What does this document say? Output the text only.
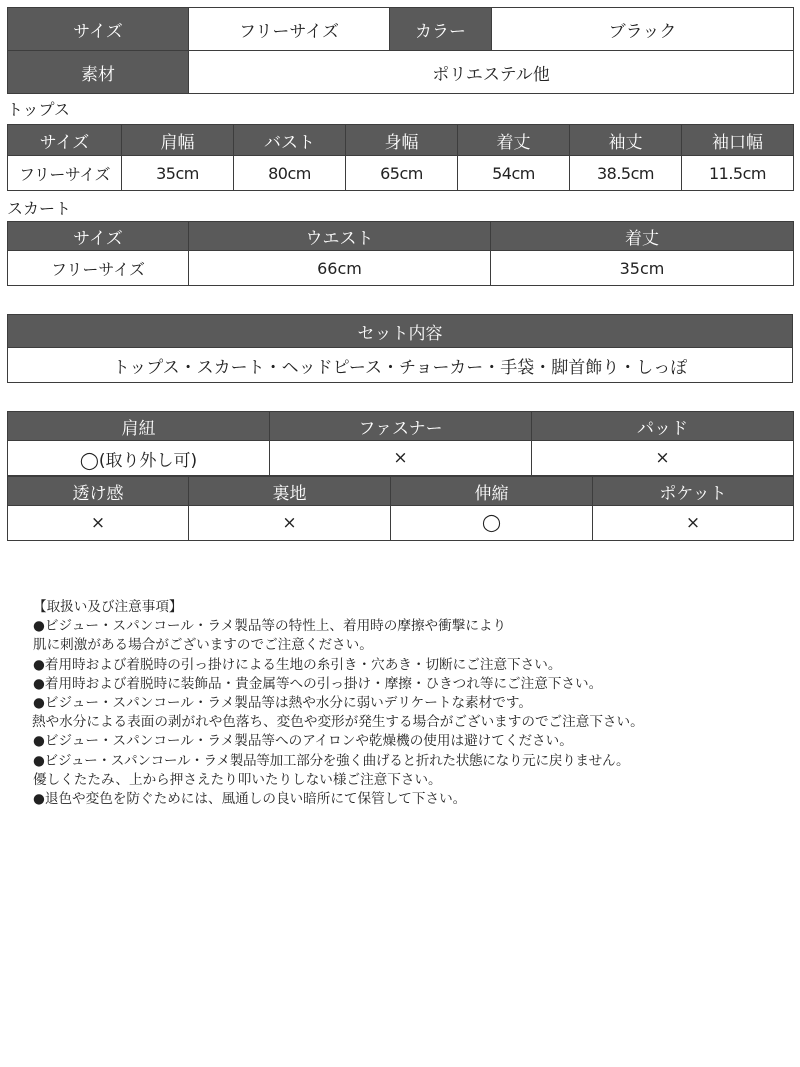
サイズ	フリーサイズ	カラー	ブラック
素材	ポリエステル他		
トップス
サイズ	肩幅	バスト	身幅	着丈	袖丈	袖口幅
フリーサイズ	35cm	80cm	65cm	54cm	38.5cm	11.5cm
スカート
サイズ	ウエスト	着丈
フリーサイズ	66cm	35cm
セット内容
トップス・スカート・ヘッドピース・チョーカー・手袋・脚首飾り・しっぽ
肩紐	ファスナー	パッド
◯(取り外し可)	×	×
透け感	裏地	伸縮	ポケット
×	×	◯	×
【取扱い及び注意事項】
●ビジュー・スパンコール・ラメ製品等の特性上、着用時の摩擦や衝撃により
肌に刺激がある場合がございますのでご注意ください。
●着用時および着脱時の引っ掛けによる生地の糸引き・穴あき・切断にご注意下さい。
●着用時および着脱時に装飾品・貴金属等への引っ掛け・摩擦・ひきつれ等にご注意下さい。
●ビジュー・スパンコール・ラメ製品等は熱や水分に弱いデリケートな素材です。
熱や水分による表面の剥がれや色落ち、変色や変形が発生する場合がございますのでご注意下さい。
●ビジュー・スパンコール・ラメ製品等へのアイロンや乾燥機の使用は避けてください。
●ビジュー・スパンコール・ラメ製品等加工部分を強く曲げると折れた状態になり元に戻りません。
優しくたたみ、上から押さえたり叩いたりしない様ご注意下さい。
●退色や変色を防ぐためには、風通しの良い暗所にて保管して下さい。
